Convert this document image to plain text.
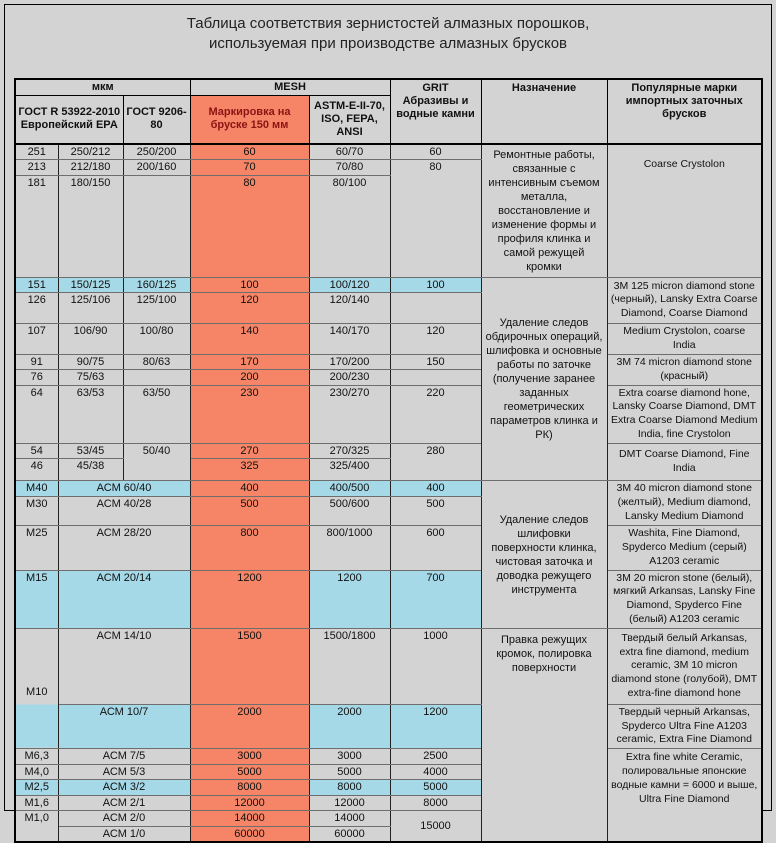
Таблица соответствия зернистостей алмазных порошков,
используемая при производстве алмазных брусков
мкм			MESH		GRIT
Абразивы и водные камни	Назначение	Популярные марки импортных заточных брусков
ГОСТ R 53922-2010 Европейский EPA		ГОСТ 9206-80	Маркировка на бруске 150 мм	ASTM-E-II-70, ISO, FEPA, ANSI			
251	250/212	250/200	60	60/70	60	Ремонтные работы, связанные с интенсивным съемом металла, восстановление и изменение формы и профиля клинка и самой режущей кромки	Coarse Crystolon
213	212/180	200/160	70	70/80	80		
181	180/150		80	80/100			
151	150/125	160/125	100	100/120	100	Удаление следов обдирочных операций, шлифовка и основные работы по заточке (получение заранее заданных геометрических параметров клинка и РК)	3M 125 micron diamond stone (черный), Lansky Extra Coarse Diamond, Coarse Diamond
126	125/106	125/100	120	120/140			
107	106/90	100/80	140	140/170	120		Medium Crystolon, coarse India
91	90/75	80/63	170	170/200	150		3M 74 micron diamond stone (красный)
76	75/63		200	200/230			
64	63/53	63/50	230	230/270	220		Extra coarse diamond hone, Lansky Coarse Diamond, DMT Extra Coarse Diamond Medium India, fine Crystolon
54	53/45	50/40	270	270/325	280		DMT Coarse Diamond, Fine India
46	45/38		325	325/400			
M40	АСМ 60/40		400	400/500	400	Удаление следов шлифовки поверхности клинка, чистовая заточка и доводка режущего инструмента	3M 40 micron diamond stone (желтый), Medium diamond, Lansky Medium Diamond
M30	АСМ 40/28		500	500/600	500		
M25	АСМ 28/20		800	800/1000	600		Washita, Fine Diamond, Spyderco Medium (серый) A1203 ceramic
M15	АСМ 20/14		1200	1200	700		3M 20 micron stone (белый), мягкий Arkansas, Lansky Fine Diamond, Spyderco Fine (белый) A1203 ceramic

M10	АСМ 14/10		1500	1500/1800	1000	Правка режущих кромок, полировка поверхности	Твердый белый Arkansas, extra fine diamond, medium ceramic, 3M 10 micron diamond stone (голубой), DMT extra-fine diamond hone
	АСМ 10/7		2000	2000	1200		Твердый черный Arkansas, Spyderco Ultra Fine A1203 ceramic, Extra Fine Diamond
M6,3	АСМ 7/5		3000	3000	2500		Extra fine white Ceramic, полировальные японские водные камни = 6000 и выше, Ultra Fine Diamond
M4,0	АСМ 5/3		5000	5000	4000		
M2,5	АСМ 3/2		8000	8000	5000		
M1,6	АСМ 2/1		12000	12000	8000		
M1,0	АСМ 2/0		14000	14000	15000		
	АСМ 1/0		60000	60000			
